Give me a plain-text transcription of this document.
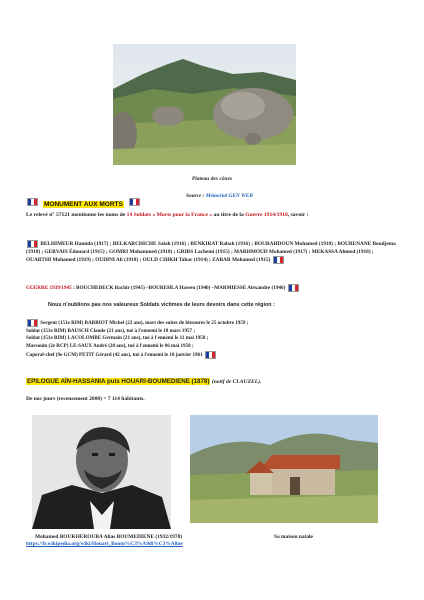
Plateau des cônes

MONUMENT AUX MORTS
Source : Mémorial GEN WEB

Le relevé n° 57121 mentionne les noms de 14 Soldats « Morts pour la France » au titre de la Guerre 1914/1918, savoir :

BELHIMEUR Hamida (1917) ; BELKARCHICHE Salah (1916) ; BENKIRAT Rabah (1916) ; BOURAHDOUN Mohamed (1918) ; BOURENANE Boudjema (1918) ; GERVAIS Édouard (1915) ; GOMRI Mohammed (1918) ; GRIBS Lachemi (1915) ; MARHMOUD Mohamed (1917) ; MEKASSA Ahmed (1918) ; OUARTHI Mohamed (1919) ; OUDINI Ali (1918) ; OULD CHIKH Tahar (1914) ; ZABAR Mohamed (1915)

GUERRE 1939/1945 : BOUCHEDECK Bachir (1945) –BOUREHLA Hassen (1940) –MARMIESSE Alexandre (1946)

Nous n'oublions pas nos valeureux Soldats victimes de leurs devoirs dans cette région :

Sergent (151e RIM) BARBIOT Michel (22 ans), mort des suites de blessures le 25 octobre 1959 ;
Soldat (151e RIM) BAUSCH Claude (21 ans), tué à l'ennemi le 18 mars 1957 ;
Soldat (151e RIM) LACOLOMBE Germain (21 ans), tué à l'ennemi le 11 mai 1958 ;
Marsouin (2e RCP) LE-SAUX André (20 ans), tué à l'ennemi le 06 mai 1958 ;
Caporal-chef (9e GCM) PETIT Gérard (42 ans), tué à l'ennemi le 10 janvier 1961

EPILOGUE AÏN-HASSANIA puis HOUARI-BOUMEDIENE (1878) (notif de CLAUZEL).

De nos jours (recensement 2008) = 7 114 habitants.

Mohamed BOUKHEROUBA Alias BOUMEDIENE (1932/1978)	Sa maison natale

https://fr.wikipedia.org/wiki/Houari_Boum%C3%A9di%C3%A8ne
